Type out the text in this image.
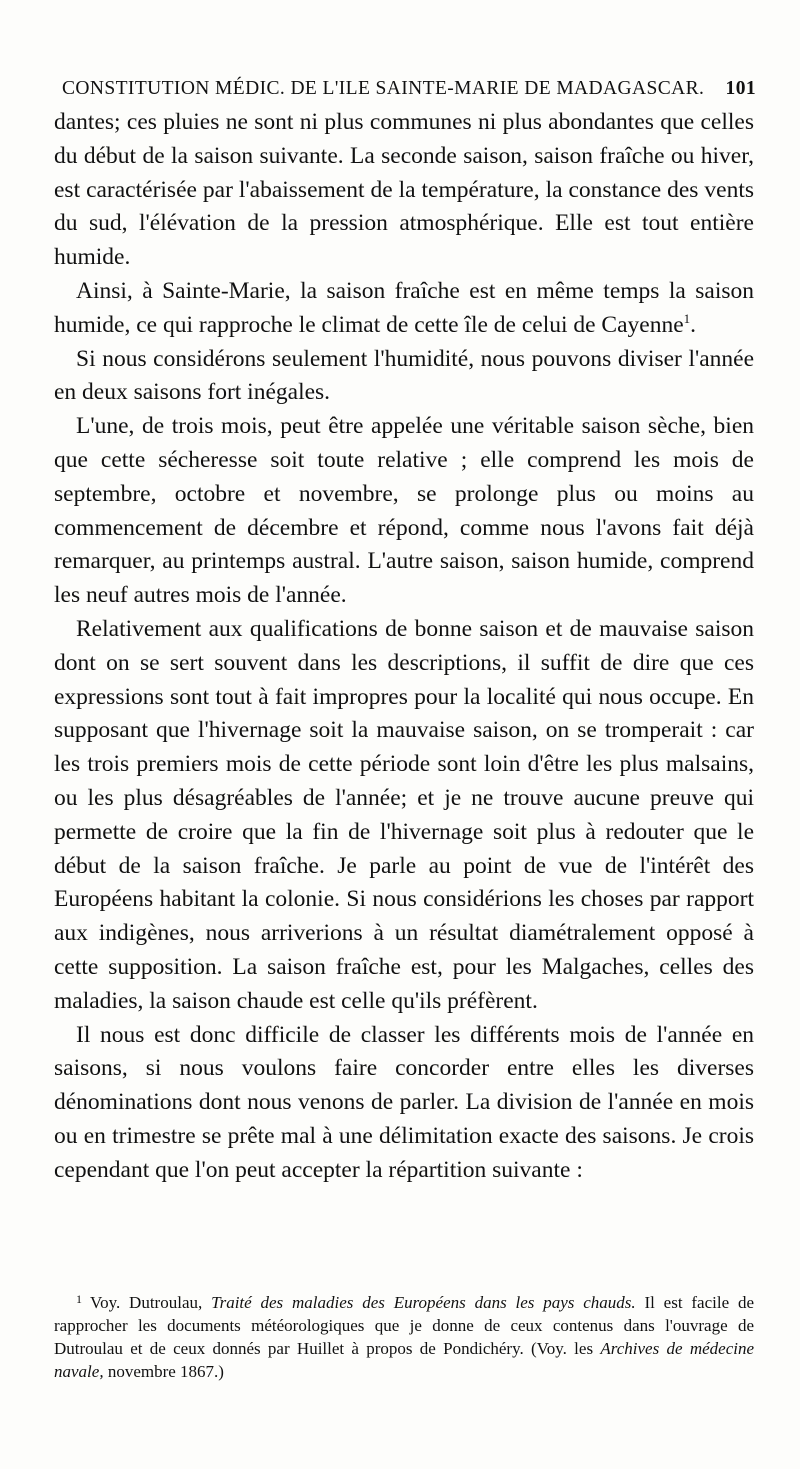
CONSTITUTION MÉDIC. DE L'ILE SAINTE-MARIE DE MADAGASCAR. 101

dantes; ces pluies ne sont ni plus communes ni plus abondantes que celles du début de la saison suivante. La seconde saison, saison fraîche ou hiver, est caractérisée par l'abaissement de la température, la constance des vents du sud, l'élévation de la pression atmosphérique. Elle est tout entière humide.

Ainsi, à Sainte-Marie, la saison fraîche est en même temps la saison humide, ce qui rapproche le climat de cette île de celui de Cayenne$^1$.

Si nous considérons seulement l'humidité, nous pouvons diviser l'année en deux saisons fort inégales.

L'une, de trois mois, peut être appelée une véritable saison sèche, bien que cette sécheresse soit toute relative ; elle comprend les mois de septembre, octobre et novembre, se prolonge plus ou moins au commencement de décembre et répond, comme nous l'avons fait déjà remarquer, au printemps austral. L'autre saison, saison humide, comprend les neuf autres mois de l'année.

Relativement aux qualifications de bonne saison et de mauvaise saison dont on se sert souvent dans les descriptions, il suffit de dire que ces expressions sont tout à fait impropres pour la localité qui nous occupe. En supposant que l'hivernage soit la mauvaise saison, on se tromperait : car les trois premiers mois de cette période sont loin d'être les plus malsains, ou les plus désagréables de l'année; et je ne trouve aucune preuve qui permette de croire que la fin de l'hivernage soit plus à redouter que le début de la saison fraîche. Je parle au point de vue de l'intérêt des Européens habitant la colonie. Si nous considérions les choses par rapport aux indigènes, nous arriverions à un résultat diamétralement opposé à cette supposition. La saison fraîche est, pour les Malgaches, celles des maladies, la saison chaude est celle qu'ils préfèrent.

Il nous est donc difficile de classer les différents mois de l'année en saisons, si nous voulons faire concorder entre elles les diverses dénominations dont nous venons de parler. La division de l'année en mois ou en trimestre se prête mal à une délimitation exacte des saisons. Je crois cependant que l'on peut accepter la répartition suivante :

$^1$ Voy. Dutroulau, Traité des maladies des Européens dans les pays chauds. Il est facile de rapprocher les documents météorologiques que je donne de ceux contenus dans l'ouvrage de Dutroulau et de ceux donnés par Huillet à propos de Pondichéry. (Voy. les Archives de médecine navale, novembre 1867.)
